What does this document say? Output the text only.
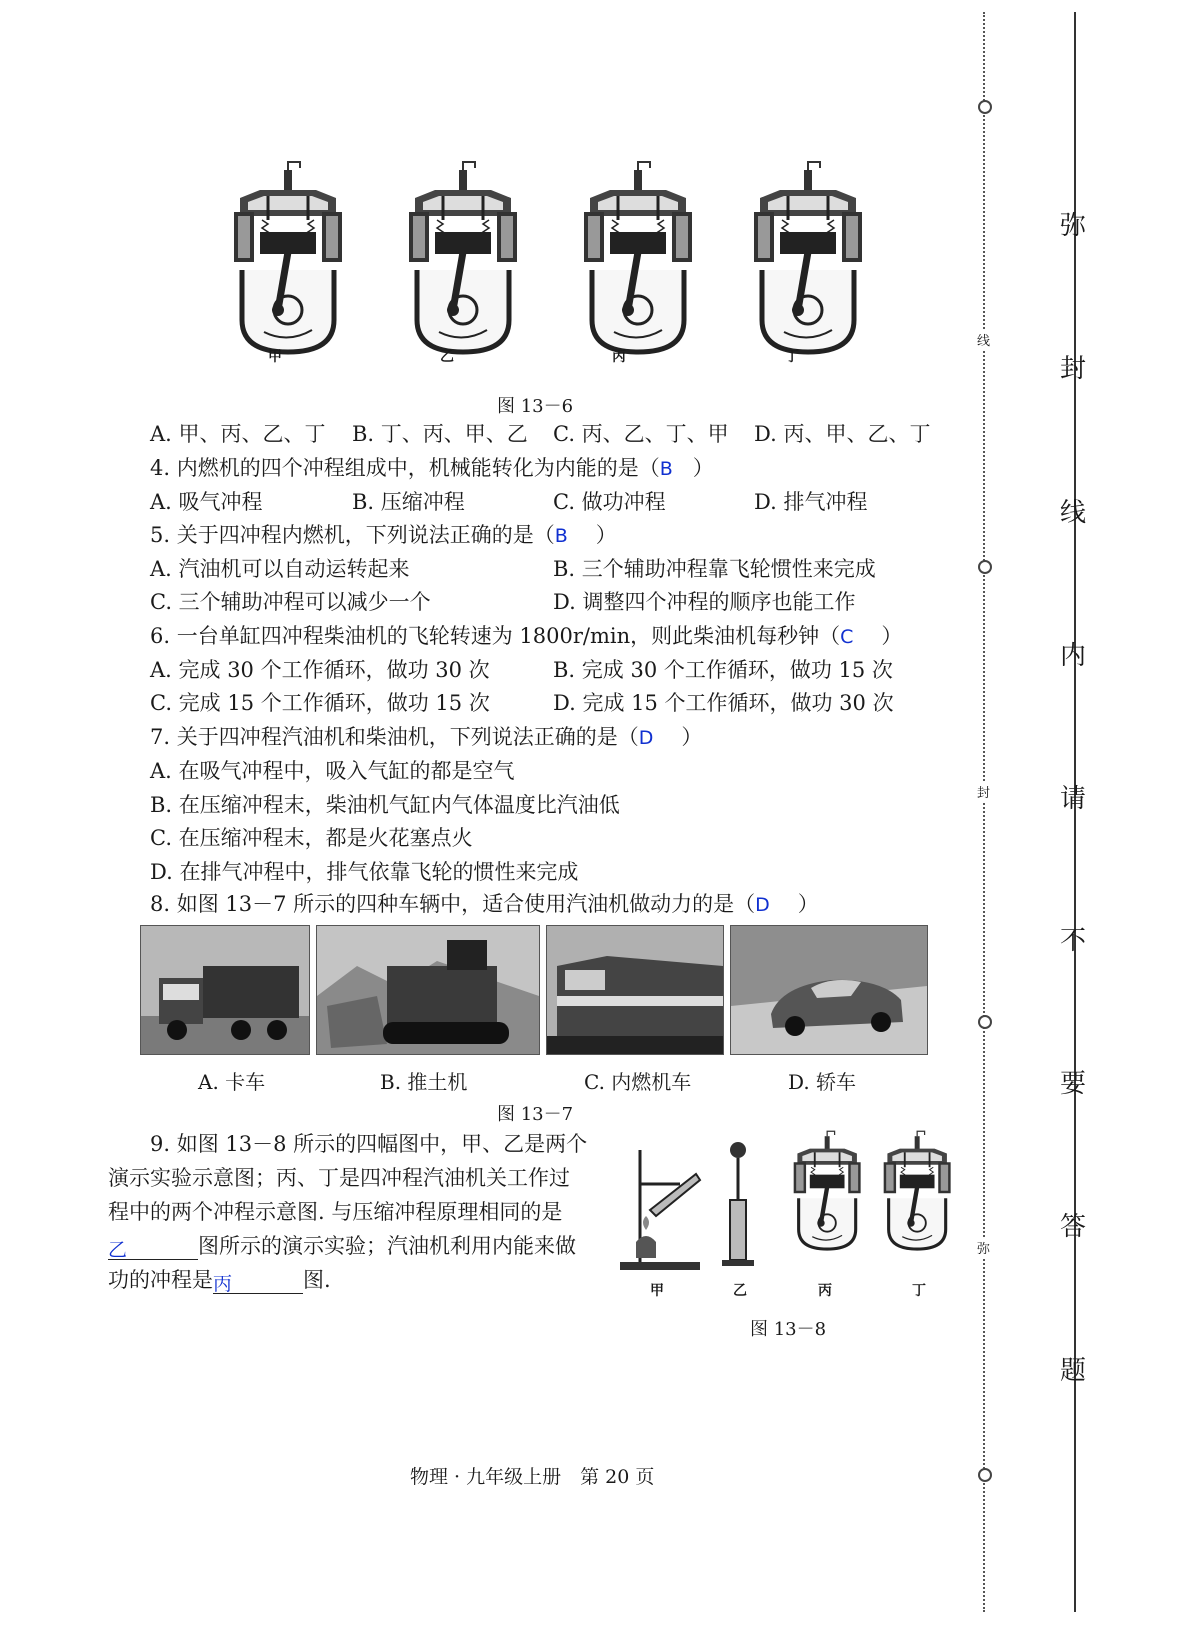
甲	乙	丙	丁
图 13－6
A. 甲、丙、乙、丁 B. 丁、丙、甲、乙 C. 丙、乙、丁、甲 D. 丙、甲、乙、丁
4. 内燃机的四个冲程组成中，机械能转化为内能的是（B ）
A. 吸气冲程	B. 压缩冲程	C. 做功冲程	D. 排气冲程
5. 关于四冲程内燃机，下列说法正确的是（B ）
A. 汽油机可以自动运转起来	B. 三个辅助冲程靠飞轮惯性来完成
C. 三个辅助冲程可以减少一个	D. 调整四个冲程的顺序也能工作
6. 一台单缸四冲程柴油机的飞轮转速为 1800r/min，则此柴油机每秒钟（C ）
A. 完成 30 个工作循环，做功 30 次	B. 完成 30 个工作循环，做功 15 次
C. 完成 15 个工作循环，做功 15 次	D. 完成 15 个工作循环，做功 30 次
7. 关于四冲程汽油机和柴油机，下列说法正确的是（D ）
A. 在吸气冲程中，吸入气缸的都是空气
B. 在压缩冲程末，柴油机气缸内气体温度比汽油低
C. 在压缩冲程末，都是火花塞点火
D. 在排气冲程中，排气依靠飞轮的惯性来完成
8. 如图 13－7 所示的四种车辆中，适合使用汽油机做动力的是（D ）
A. 卡车	B. 推土机	C. 内燃机车	D. 轿车
图 13－7
9. 如图 13－8 所示的四幅图中，甲、乙是两个
演示实验示意图；丙、丁是四冲程汽油机关工作过
程中的两个冲程示意图. 与压缩冲程原理相同的是
乙	图所示的演示实验；汽油机利用内能来做
功的冲程是丙	图.	甲	乙	丙	丁
图 13－8
物理 · 九年级上册　第 20 页
线
封
弥
弥
封
线
内
请
不
要
答
题
